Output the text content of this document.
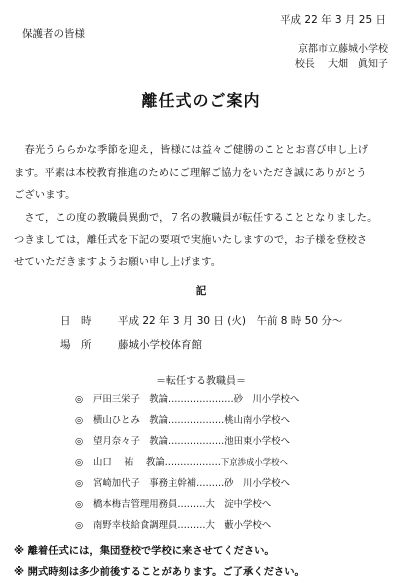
平成 22 年 3 月 25 日
保護者の皆様
京都市立藤城小学校
校長　 大畑　眞知子
離任式のご案内
　春光うららかな季節を迎え，皆様には益々ご健勝のこととお喜び申し上げ
ます。平素は本校教育推進のためにご理解ご協力をいただき誠にありがとう
ございます。
　さて，この度の教職員異動で，７名の教職員が転任することとなりました。
つきましては，離任式を下記の要項で実施いたしますので，お子様を登校さ
せていただきますようお願い申し上げます。
記
日　時	平成 22 年 3 月 30 日 (火)　午前 8 時 50 分〜
場　所	藤城小学校体育館
＝転任する教職員＝
◎	戸田三栄子　教論………………… 砂　川小学校へ
◎	横山ひとみ　教論……………… 桃山南小学校へ
◎	望月奈々子　教論……………… 池田東小学校へ
◎	山口　 祐　 教論……………… 下京渉成小学校へ
◎	宮崎加代子　事務主幹補……… 砂　川小学校へ
◎	橋本梅吉管理用務員……… 大　淀中学校へ
◎	南野幸枝給食調理員……… 大　藪小学校へ
※ 離着任式には，集団登校で学校に来させてください。
※ 開式時刻は多少前後することがあります。ご了承ください。
